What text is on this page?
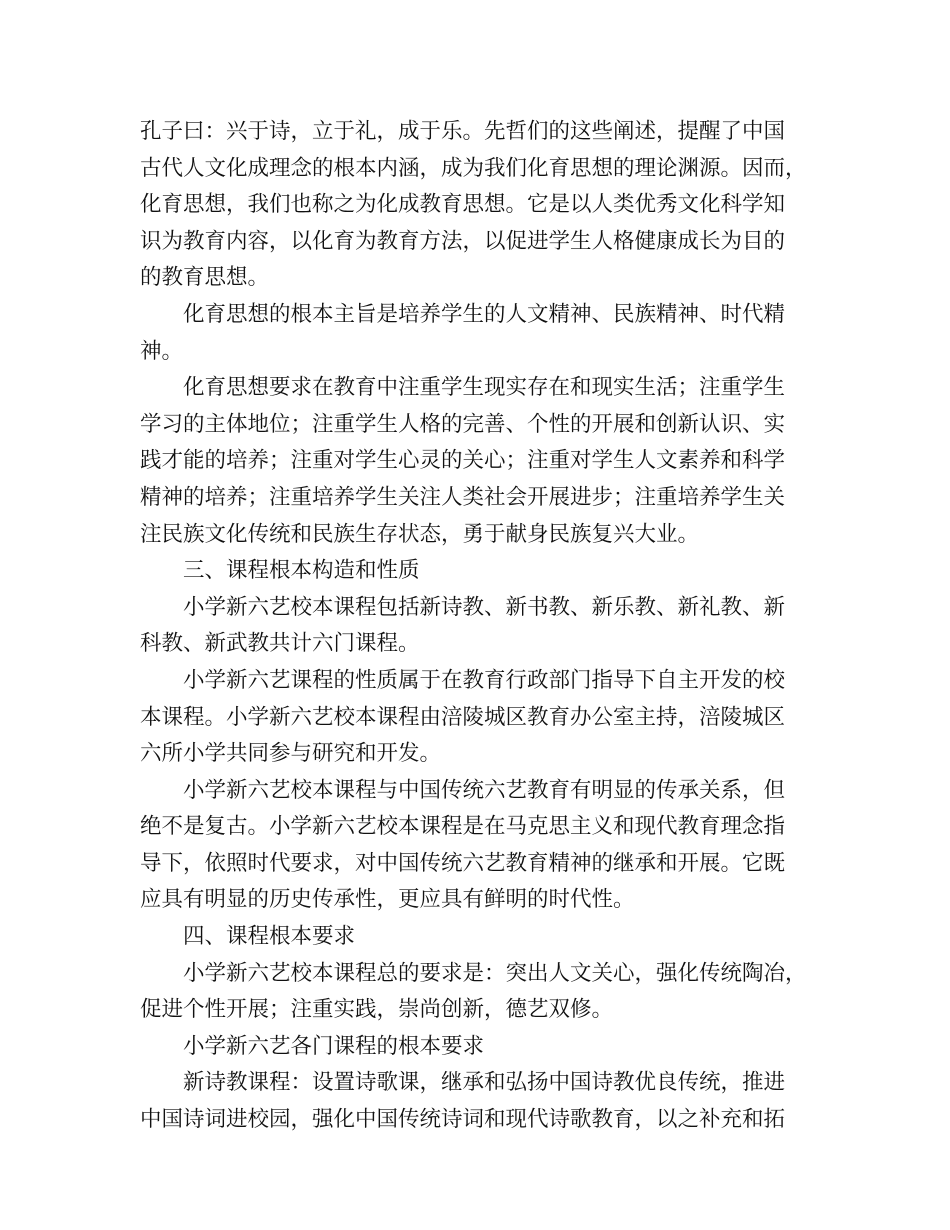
孔子曰：兴于诗，立于礼，成于乐。先哲们的这些阐述，提醒了中国
古代人文化成理念的根本内涵，成为我们化育思想的理论渊源。因而，
化育思想，我们也称之为化成教育思想。它是以人类优秀文化科学知
识为教育内容，以化育为教育方法，以促进学生人格健康成长为目的
的教育思想。
化育思想的根本主旨是培养学生的人文精神、民族精神、时代精
神。
化育思想要求在教育中注重学生现实存在和现实生活；注重学生
学习的主体地位；注重学生人格的完善、个性的开展和创新认识、实
践才能的培养；注重对学生心灵的关心；注重对学生人文素养和科学
精神的培养；注重培养学生关注人类社会开展进步；注重培养学生关
注民族文化传统和民族生存状态，勇于献身民族复兴大业。
三、课程根本构造和性质
小学新六艺校本课程包括新诗教、新书教、新乐教、新礼教、新
科教、新武教共计六门课程。
小学新六艺课程的性质属于在教育行政部门指导下自主开发的校
本课程。小学新六艺校本课程由涪陵城区教育办公室主持，涪陵城区
六所小学共同参与研究和开发。
小学新六艺校本课程与中国传统六艺教育有明显的传承关系，但
绝不是复古。小学新六艺校本课程是在马克思主义和现代教育理念指
导下，依照时代要求，对中国传统六艺教育精神的继承和开展。它既
应具有明显的历史传承性，更应具有鲜明的时代性。
四、课程根本要求
小学新六艺校本课程总的要求是：突出人文关心，强化传统陶冶，
促进个性开展；注重实践，崇尚创新，德艺双修。
小学新六艺各门课程的根本要求
新诗教课程：设置诗歌课，继承和弘扬中国诗教优良传统，推进
中国诗词进校园，强化中国传统诗词和现代诗歌教育，以之补充和拓
